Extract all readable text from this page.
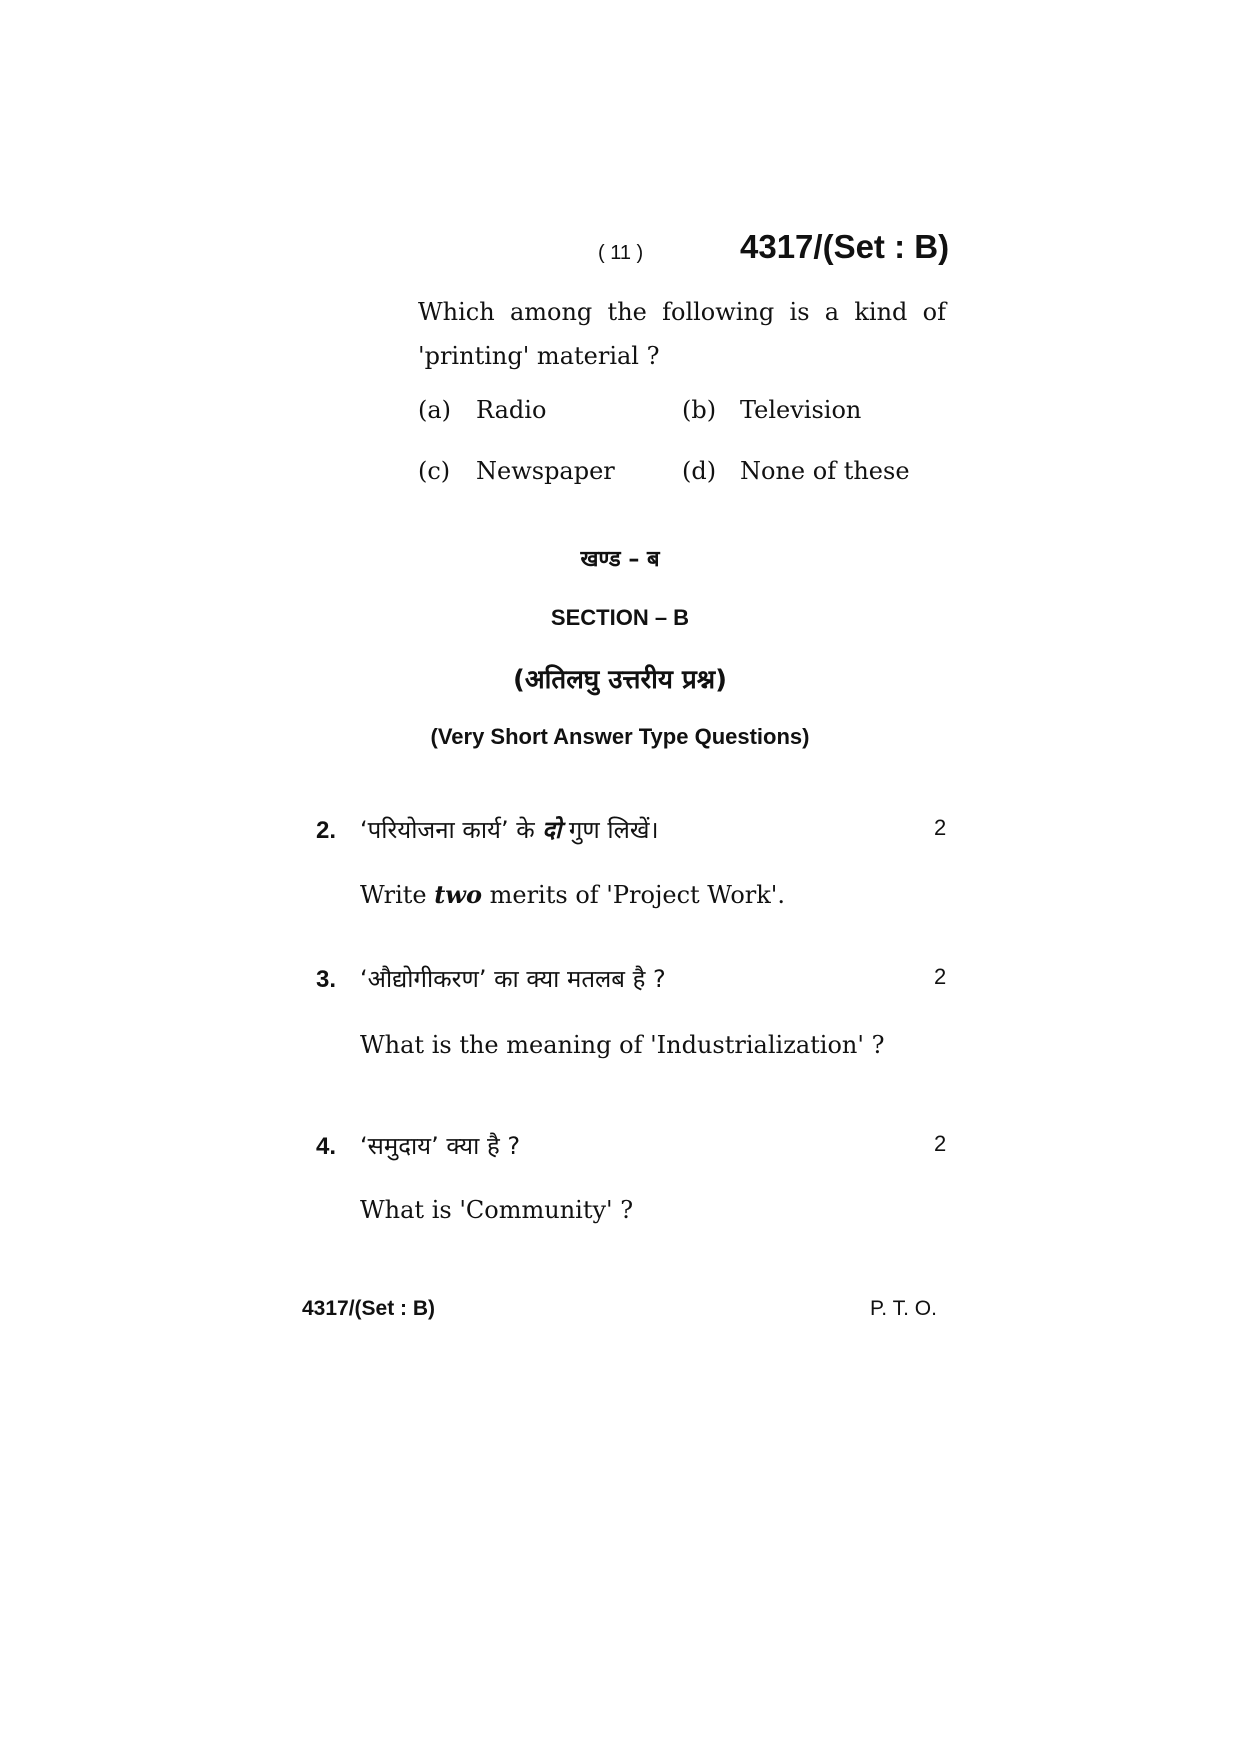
( 11 )	4317/(Set : B)
Which among the following is a kind of
'printing' material ?
(a) Radio	(b) Television
(c) Newspaper	(d) None of these
खण्ड – ब
SECTION – B
(अतिलघु उत्तरीय प्रश्न)
(Very Short Answer Type Questions)
2. ‘परियोजना कार्य’ के दो गुण लिखें।	2
Write two merits of 'Project Work'.
3. ‘औद्योगीकरण’ का क्या मतलब है ?	2
What is the meaning of 'Industrialization' ?
4. ‘समुदाय’ क्या है ?	2
What is 'Community' ?
4317/(Set : B)	P. T. O.
